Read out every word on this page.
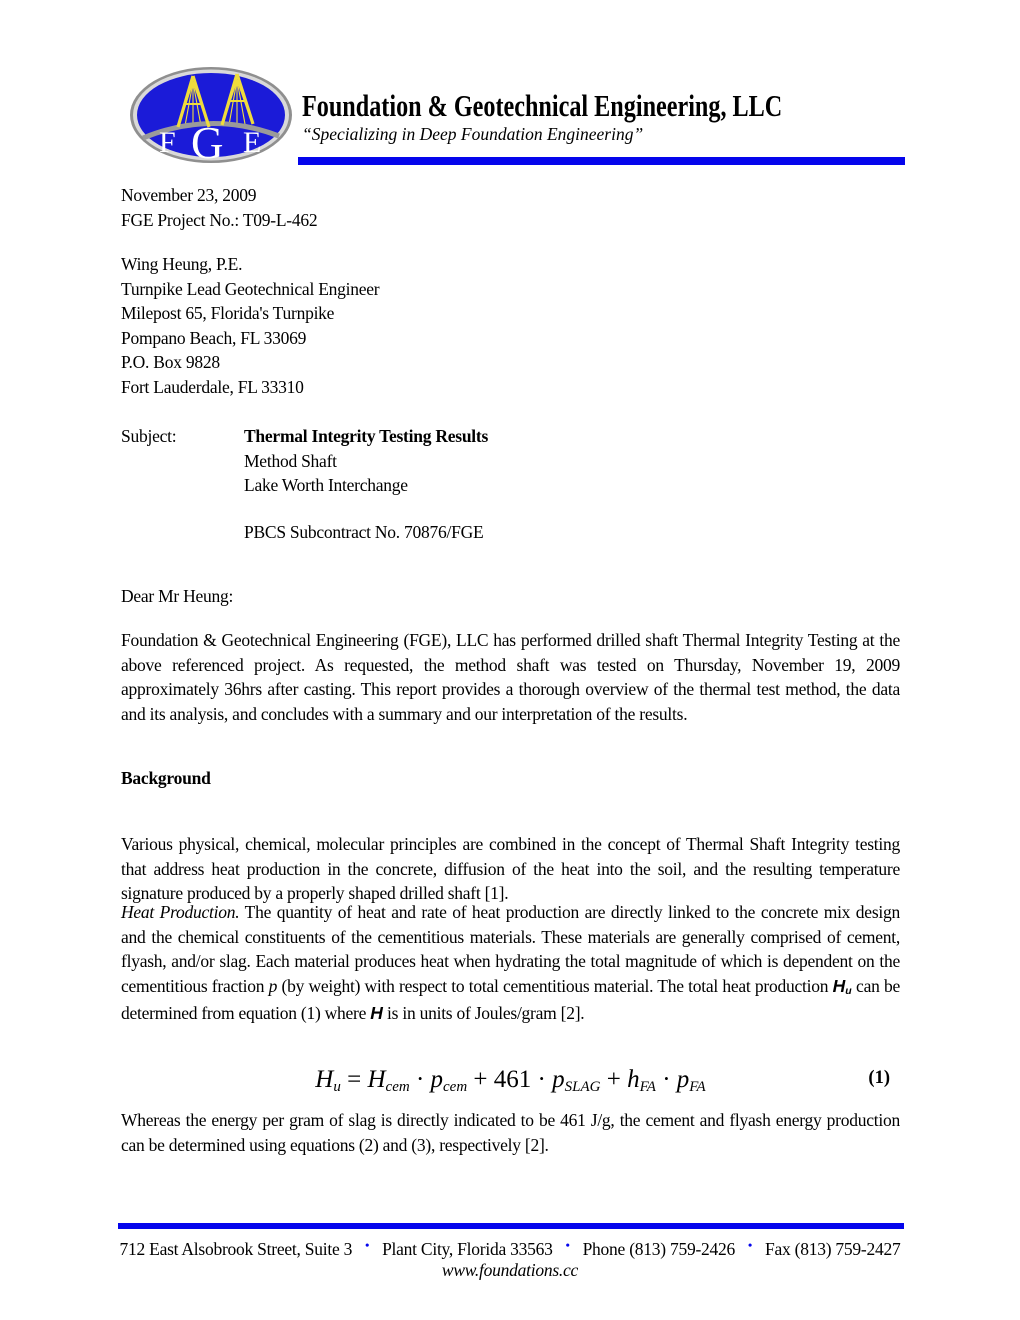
F G E
Foundation & Geotechnical Engineering, LLC
“Specializing in Deep Foundation Engineering”
November 23, 2009
FGE Project No.: T09-L-462
Wing Heung, P.E.
Turnpike Lead Geotechnical Engineer
Milepost 65, Florida's Turnpike
Pompano Beach, FL 33069
P.O. Box 9828
Fort Lauderdale, FL 33310
Subject:	Thermal Integrity Testing Results
Method Shaft
Lake Worth Interchange
PBCS Subcontract No. 70876/FGE
Dear Mr Heung:
Foundation & Geotechnical Engineering (FGE), LLC has performed drilled shaft Thermal Integrity Testing at the above referenced project. As requested, the method shaft was tested on Thursday, November 19, 2009 approximately 36hrs after casting. This report provides a thorough overview of the thermal test method, the data and its analysis, and concludes with a summary and our interpretation of the results.
Background
Various physical, chemical, molecular principles are combined in the concept of Thermal Shaft Integrity testing that address heat production in the concrete, diffusion of the heat into the soil, and the resulting temperature signature produced by a properly shaped drilled shaft [1].
Heat Production. The quantity of heat and rate of heat production are directly linked to the concrete mix design and the chemical constituents of the cementitious materials. These materials are generally comprised of cement, flyash, and/or slag. Each material produces heat when hydrating the total magnitude of which is dependent on the cementitious fraction p (by weight) with respect to total cementitious material. The total heat production Hu can be determined from equation (1) where H is in units of Joules/gram [2].
Hu = Hcem · pcem + 461 · pSLAG + hFA · pFA	(1)
Whereas the energy per gram of slag is directly indicated to be 461 J/g, the cement and flyash energy production can be determined using equations (2) and (3), respectively [2].
712 East Alsobrook Street, Suite 3 • Plant City, Florida 33563 • Phone (813) 759-2426 • Fax (813) 759-2427
www.foundations.cc
